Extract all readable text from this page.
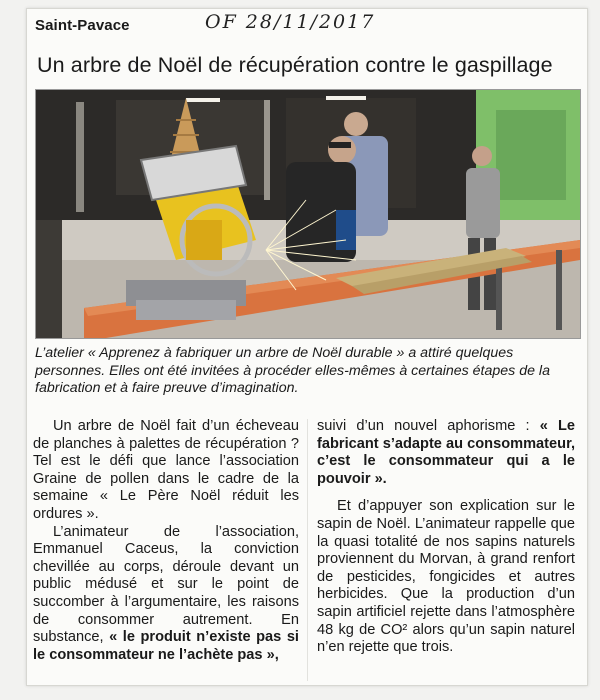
Saint-Pavace	OF 28/11/2017
Un arbre de Noël de récupération contre le gaspillage
L’atelier « Apprenez à fabriquer un arbre de Noël durable » a attiré quelques personnes. Elles ont été invitées à procéder elles-mêmes à certaines étapes de la fabrication et à faire preuve d’imagination.

Un arbre de Noël fait d’un écheveau de planches à palettes de récupération ? Tel est le défi que lance l’association Graine de pollen dans le cadre de la semaine « Le Père Noël réduit les ordures ».

L’animateur de l’association, Emmanuel Caceus, la conviction chevillée au corps, déroule devant un public médusé et sur le point de succomber à l’argumentaire, les raisons de consommer autrement. En substance, « le produit n’existe pas si le consommateur ne l’achète pas »,

suivi d’un nouvel aphorisme : « Le fabricant s’adapte au consommateur, c’est le consommateur qui a le pouvoir ».

Et d’appuyer son explication sur le sapin de Noël. L’animateur rappelle que la quasi totalité de nos sapins naturels proviennent du Morvan, à grand renfort de pesticides, fongicides et autres herbicides. Que la production d’un sapin artificiel rejette dans l’atmosphère 48 kg de CO² alors qu’un sapin naturel n’en rejette que trois.
